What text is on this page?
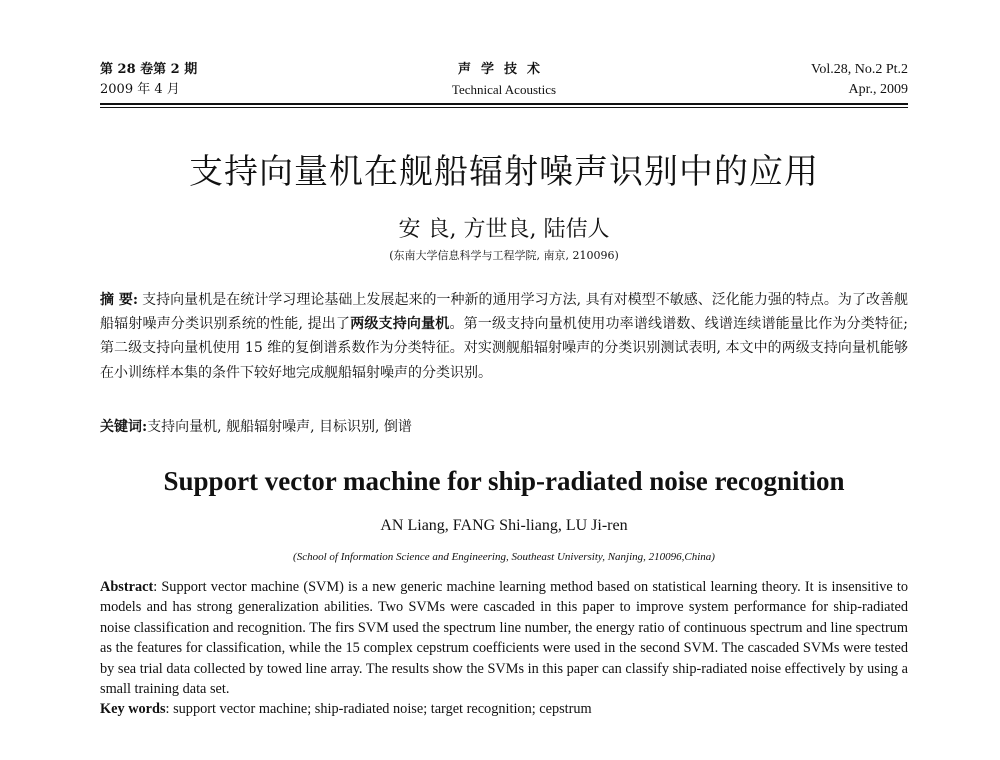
第 28 卷第 2 期
2009 年 4 月
声学技术
Technical Acoustics
Vol.28, No.2 Pt.2
Apr., 2009
支持向量机在舰船辐射噪声识别中的应用
安 良, 方世良, 陆佶人
(东南大学信息科学与工程学院, 南京, 210096)
摘 要: 支持向量机是在统计学习理论基础上发展起来的一种新的通用学习方法, 具有对模型不敏感、泛化能力强的特点。为了改善舰船辐射噪声分类识别系统的性能, 提出了两级支持向量机。第一级支持向量机使用功率谱线谱数、线谱连续谱能量比作为分类特征; 第二级支持向量机使用 15 维的复倒谱系数作为分类特征。对实测舰船辐射噪声的分类识别测试表明, 本文中的两级支持向量机能够在小训练样本集的条件下较好地完成舰船辐射噪声的分类识别。
关键词:支持向量机, 舰船辐射噪声, 目标识别, 倒谱
Support vector machine for ship-radiated noise recognition
AN Liang, FANG Shi-liang, LU Ji-ren
(School of Information Science and Engineering, Southeast University, Nanjing, 210096,China)
Abstract: Support vector machine (SVM) is a new generic machine learning method based on statistical learning theory. It is insensitive to models and has strong generalization abilities. Two SVMs were cascaded in this paper to improve system performance for ship-radiated noise classification and recognition. The firs SVM used the spectrum line number, the energy ratio of continuous spectrum and line spectrum as the features for classification, while the 15 complex cepstrum coefficients were used in the second SVM. The cascaded SVMs were tested by sea trial data collected by towed line array. The results show the SVMs in this paper can classify ship-radiated noise effectively by using a small training data set.
Key words: support vector machine; ship-radiated noise; target recognition; cepstrum
